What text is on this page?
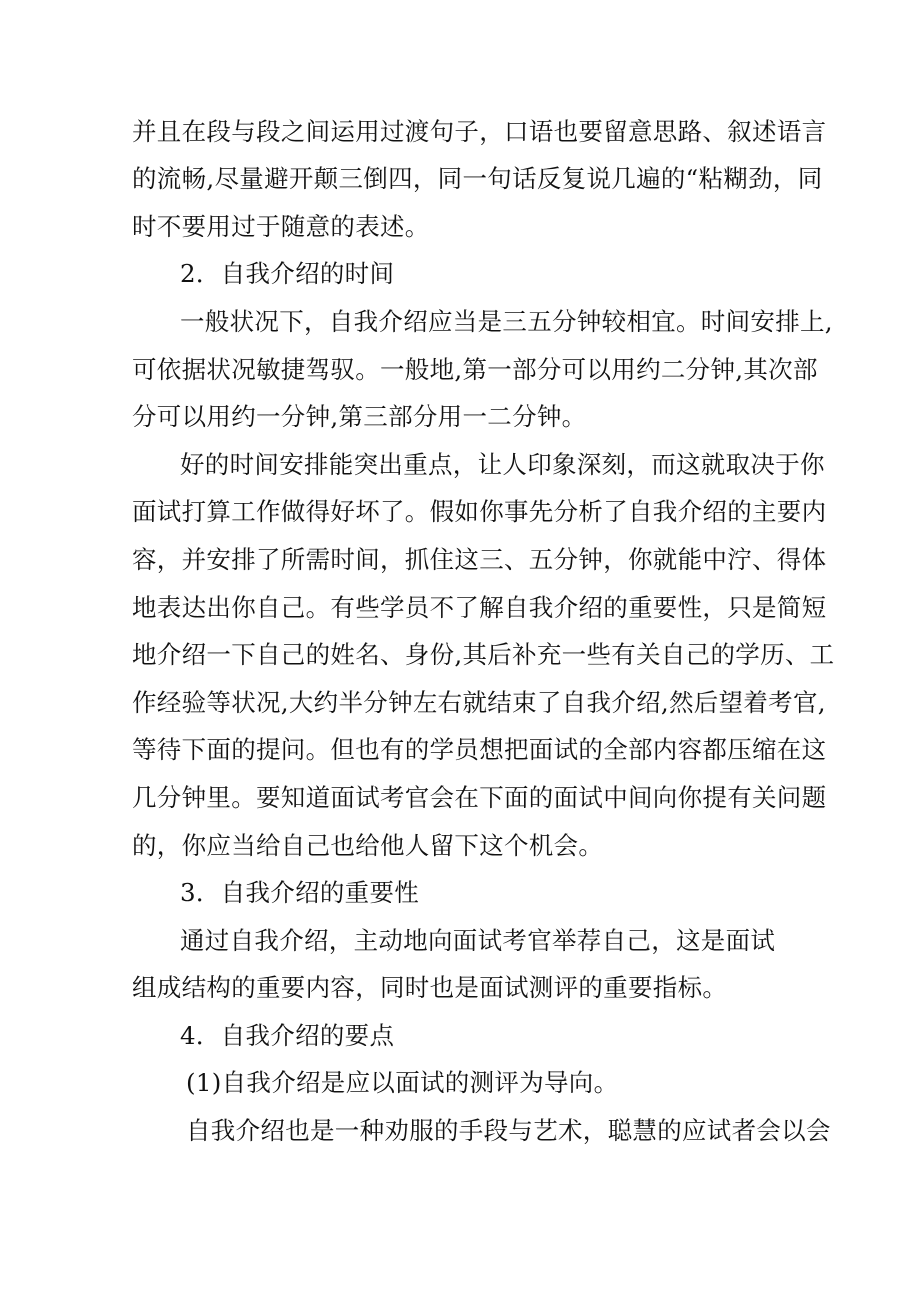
并且在段与段之间运用过渡句子，口语也要留意思路、叙述语言
的流畅,尽量避开颠三倒四，同一句话反复说几遍的“粘糊劲，同
时不要用过于随意的表述。
2．自我介绍的时间
一般状况下，自我介绍应当是三五分钟较相宜。时间安排上,
可依据状况敏捷驾驭。一般地,第一部分可以用约二分钟,其次部
分可以用约一分钟,第三部分用一二分钟。
好的时间安排能突出重点，让人印象深刻，而这就取决于你
面试打算工作做得好坏了。假如你事先分析了自我介绍的主要内
容，并安排了所需时间，抓住这三、五分钟，你就能中泞、得体
地表达出你自己。有些学员不了解自我介绍的重要性，只是简短
地介绍一下自己的姓名、身份,其后补充一些有关自己的学历、工
作经验等状况,大约半分钟左右就结束了自我介绍,然后望着考官,
等待下面的提问。但也有的学员想把面试的全部内容都压缩在这
几分钟里。要知道面试考官会在下面的面试中间向你提有关问题
的，你应当给自己也给他人留下这个机会。
3．自我介绍的重要性
通过自我介绍，主动地向面试考官举荐自己，这是面试
组成结构的重要内容，同时也是面试测评的重要指标。
4．自我介绍的要点
(1)自我介绍是应以面试的测评为导向。
自我介绍也是一种劝服的手段与艺术，聪慧的应试者会以会
